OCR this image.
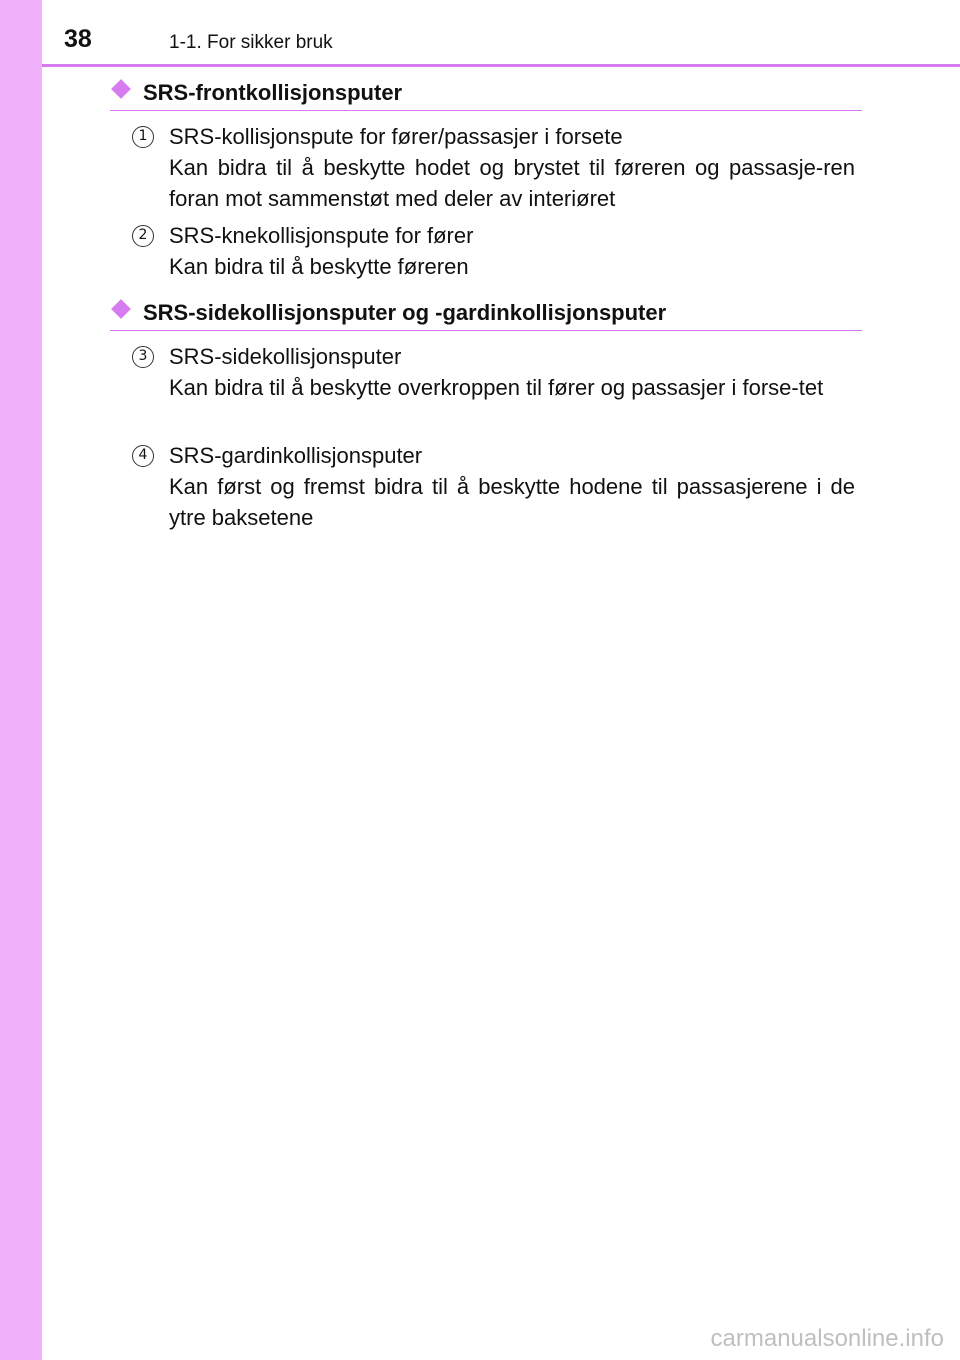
38	1-1. For sikker bruk
SRS-frontkollisjonsputer
1 SRS-kollisjonspute for fører/passasjer i forsete
Kan bidra til å beskytte hodet og brystet til føreren og passasje-ren foran mot sammenstøt med deler av interiøret
2 SRS-knekollisjonspute for fører
Kan bidra til å beskytte føreren
SRS-sidekollisjonsputer og -gardinkollisjonsputer
3 SRS-sidekollisjonsputer
Kan bidra til å beskytte overkroppen til fører og passasjer i forse-tet
4 SRS-gardinkollisjonsputer
Kan først og fremst bidra til å beskytte hodene til passasjerene i de ytre baksetene
carmanualsonline.info
